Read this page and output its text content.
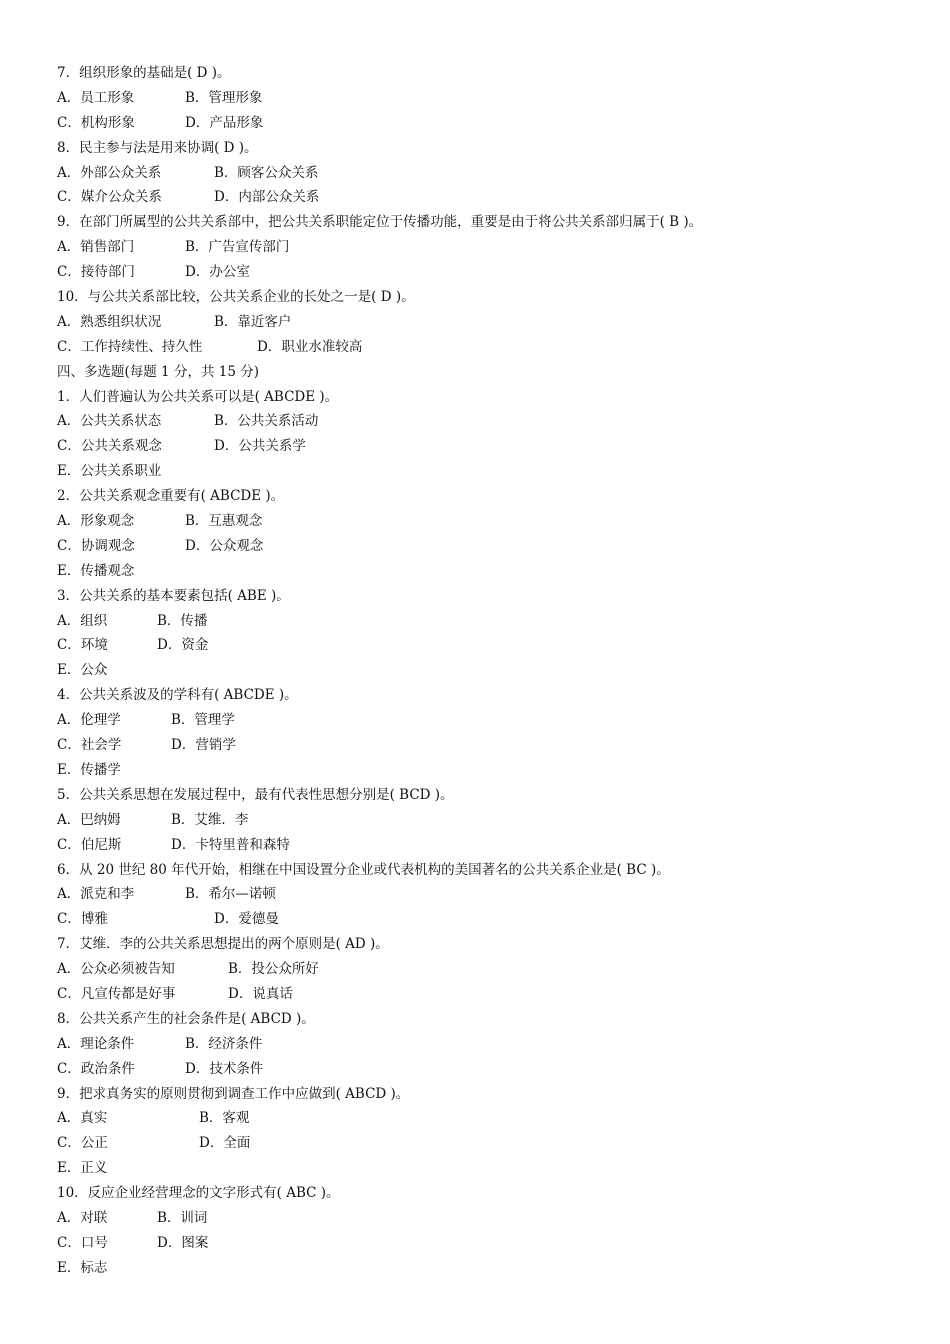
7．组织形象的基础是( D )。
A．员工形象	B．管理形象
C．机构形象	D．产品形象
8．民主参与法是用来协调( D )。
A．外部公众关系	B．顾客公众关系
C．媒介公众关系	D．内部公众关系
9．在部门所属型的公共关系部中，把公共关系职能定位于传播功能，重要是由于将公共关系部归属于( B )。
A．销售部门	B．广告宣传部门
C．接待部门	D．办公室
10．与公共关系部比较，公共关系企业的长处之一是( D )。
A．熟悉组织状况	B．靠近客户
C．工作持续性、持久性	D．职业水准较高
四、多选题(每题 1 分，共 15 分)
1．人们普遍认为公共关系可以是( ABCDE )。
A．公共关系状态	B．公共关系活动
C．公共关系观念	D．公共关系学
E．公共关系职业
2．公共关系观念重要有( ABCDE )。
A．形象观念	B．互惠观念
C．协调观念	D．公众观念
E．传播观念
3．公共关系的基本要素包括( ABE )。
A．组织	B．传播
C．环境	D．资金
E．公众
4．公共关系波及的学科有( ABCDE )。
A．伦理学	B．管理学
C．社会学	D．营销学
E．传播学
5．公共关系思想在发展过程中，最有代表性思想分别是( BCD )。
A．巴纳姆	B．艾维．李
C．伯尼斯	D．卡特里普和森特
6．从 20 世纪 80 年代开始，相继在中国设置分企业或代表机构的美国著名的公共关系企业是( BC )。
A．派克和李	B．希尔—诺顿
C．博雅	D．爱德曼
7．艾维．李的公共关系思想提出的两个原则是( AD )。
A．公众必须被告知	B．投公众所好
C．凡宣传都是好事	D．说真话
8．公共关系产生的社会条件是( ABCD )。
A．理论条件	B．经济条件
C．政治条件	D．技术条件
9．把求真务实的原则贯彻到调查工作中应做到( ABCD )。
A．真实	B．客观
C．公正	D．全面
E．正义
10．反应企业经营理念的文字形式有( ABC )。
A．对联	B．训词
C．口号	D．图案
E．标志
